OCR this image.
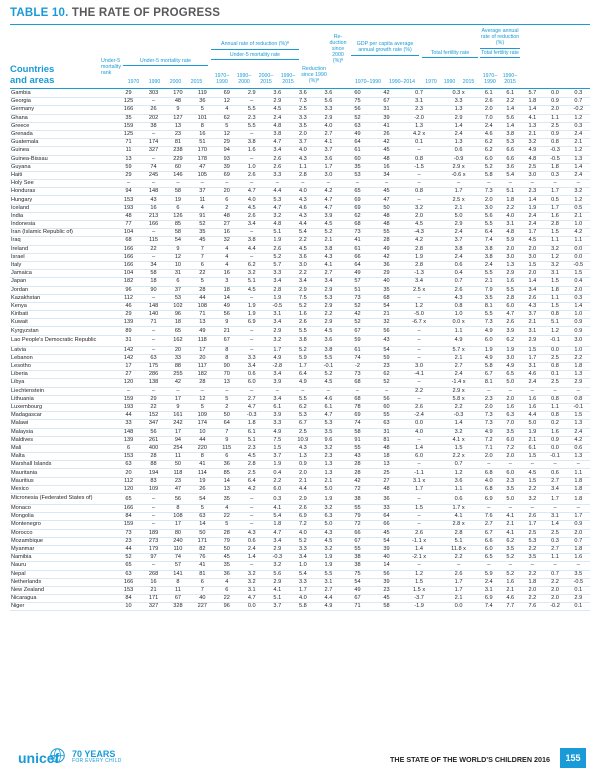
TABLE 10. THE RATE OF PROGRESS
Countries
and areas
Under-5 mortality rank
Under-5 mortality rate
1970	1990	2000	2015
Annual rate of reduction (%)ᶿ
Under-5 mortality rate
1970–1990
1990–2000
2000–2015
1990–2015
Reduction since 1990 (%)ᶿ
Re-duction since 2000 (%)ᶿ
GDP per capita average annual growth rate (%)
1970–1990	1990–2014
Total fertility rate
1970	1990	2015
Average annual rate of reduction (%)
Total fertility rate
1970–1990
1990–2015
Gambia	29	303	170	119	69	2.9	3.6	3.6	3.6	60	42	0.7	0.3 x	6.1	6.1	5.7	0.0	0.3
Georgia	125	–	48	36	12	–	2.9	7.3	5.6	75	67	3.1	3.3	2.6	2.2	1.8	0.9	0.7
Germany	166	26	9	5	4	5.5	4.5	2.5	3.3	56	31	2.3	1.3	2.0	1.4	1.4	2.0	-0.2
Ghana	35	202	127	101	62	2.3	2.4	3.3	2.9	52	39	-2.0	2.9	7.0	5.6	4.1	1.1	1.2
Greece	159	38	13	8	5	5.5	4.8	3.5	4.0	63	41	1.3	1.4	2.4	1.4	1.3	2.5	0.3
Grenada	125	–	23	16	12	–	3.8	2.0	2.7	49	26	4.2 x	2.4	4.6	3.8	2.1	0.9	2.4
Guatemala	71	174	81	51	29	3.8	4.7	3.7	4.1	64	42	0.1	1.3	6.2	5.3	3.2	0.8	2.1
Guinea	11	327	238	170	94	1.6	3.4	4.0	3.7	61	45	–	0.6	6.2	6.6	4.9	-0.3	1.2
Guinea-Bissau	13	–	229	178	93	–	2.6	4.3	3.6	60	48	0.8	-0.9	6.0	6.6	4.8	-0.5	1.3
Guyana	59	74	60	47	39	1.0	2.6	1.1	1.7	35	16	-1.5	2.9 x	5.2	3.6	2.5	1.8	1.4
Haiti	29	245	146	105	69	2.6	3.3	2.8	3.0	53	34	–	-0.6 x	5.8	5.4	3.0	0.3	2.4
Holy See	–	–	–	–	–	–	–	–	–	–	–	–	–	–	–	–	–	–
Honduras	94	148	58	37	20	4.7	4.4	4.0	4.2	65	45	0.8	1.7	7.3	5.1	2.3	1.7	3.2
Hungary	153	43	19	11	6	4.0	5.3	4.3	4.7	69	47	–	2.5 x	2.0	1.8	1.4	0.5	1.2
Iceland	193	16	6	4	2	4.5	4.7	4.6	4.7	69	50	3.2	2.1	3.0	2.2	1.9	1.7	0.5
India	48	213	126	91	48	2.6	3.2	4.3	3.9	62	48	2.0	5.0	5.6	4.0	2.4	1.6	2.1
Indonesia	77	166	85	52	27	3.4	4.8	4.4	4.5	68	48	4.5	2.9	5.5	3.1	2.4	2.8	1.0
Iran (Islamic Republic of)	104	–	58	35	16	–	5.1	5.4	5.2	73	55	-4.3	2.4	6.4	4.8	1.7	1.5	4.2
Iraq	68	115	54	45	32	3.8	1.9	2.2	2.1	41	28	4.2	3.7	7.4	5.9	4.5	1.1	1.1
Ireland	166	22	9	7	4	4.4	2.6	4.5	3.8	61	49	2.8	3.8	3.8	2.0	2.0	3.2	0.0
Israel	166	–	12	7	4	–	5.2	3.6	4.3	66	42	1.9	2.4	3.8	3.0	3.0	1.2	0.0
Italy	166	34	10	6	4	6.2	5.7	3.0	4.1	64	36	2.8	0.6	2.4	1.3	1.5	3.2	-0.5
Jamaica	104	58	31	22	16	3.2	3.3	2.2	2.7	49	29	-1.3	0.4	5.5	2.9	2.0	3.1	1.5
Japan	182	18	6	5	3	5.1	3.4	3.4	3.4	57	40	3.4	0.7	2.1	1.6	1.4	1.5	0.4
Jordan	96	90	37	28	18	4.5	2.8	2.9	2.9	51	35	2.5 x	2.6	7.9	5.5	3.4	1.8	2.0
Kazakhstan	112	–	53	44	14	–	1.9	7.5	5.3	73	68	–	4.3	3.5	2.8	2.6	1.1	0.3
Kenya	46	148	102	108	49	1.9	-0.5	5.2	2.9	52	54	1.2	0.8	8.1	6.0	4.3	1.5	1.4
Kiribati	29	140	96	71	56	1.9	3.1	1.6	2.2	42	21	-5.0	1.0	5.5	4.7	3.7	0.8	1.0
Kuwait	139	71	18	13	9	6.9	3.4	2.6	2.9	52	32	-6.7 x	0.0 x	7.3	2.6	2.1	5.1	0.9
Kyrgyzstan	89	–	65	49	21	–	2.9	5.5	4.5	67	56	–	1.1	4.9	3.9	3.1	1.2	0.9
Lao People's Democratic Republic	31	–	162	118	67	–	3.2	3.8	3.6	59	43	–	4.9	6.0	6.2	2.9	-0.1	3.0
Latvia	142	–	20	17	8	–	1.7	5.2	3.8	61	54	–	5.7 x	1.9	1.9	1.5	0.0	1.0
Lebanon	142	63	33	20	8	3.3	4.9	5.9	5.5	74	59	–	2.1	4.9	3.0	1.7	2.5	2.2
Lesotho	17	175	88	117	90	3.4	-2.8	1.7	-0.1	-2	23	3.0	2.7	5.8	4.9	3.1	0.8	1.8
Liberia	27	286	255	182	70	0.6	3.4	6.4	5.2	73	62	-4.1	2.4	6.7	6.5	4.6	0.1	1.3
Libya	120	138	42	28	13	6.0	3.9	4.9	4.5	68	52	–	-1.4 x	8.1	5.0	2.4	2.5	2.9
Liechtenstein	–	–	–	–	–	–	–	–	–	–	–	2.2	2.9 x	–	–	–	–	–
Lithuania	159	29	17	12	5	2.7	3.4	5.5	4.6	68	56	–	5.8 x	2.3	2.0	1.6	0.8	0.8
Luxembourg	193	22	9	5	2	4.7	6.1	6.2	6.1	78	60	2.6	2.2	2.0	1.6	1.6	1.1	-0.1
Madagascar	44	152	161	109	50	-0.3	3.9	5.3	4.7	69	55	-2.4	-0.3	7.3	6.3	4.4	0.8	1.5
Malawi	33	347	242	174	64	1.8	3.3	6.7	5.3	74	63	0.0	1.4	7.3	7.0	5.0	0.2	1.3
Malaysia	148	56	17	10	7	6.1	4.9	2.5	3.5	58	31	4.0	3.2	4.9	3.5	1.9	1.6	2.4
Maldives	139	261	94	44	9	5.1	7.5	10.9	9.6	91	81	–	4.1 x	7.2	6.0	2.1	0.9	4.2
Mali	6	400	254	220	115	2.3	1.5	4.3	3.2	55	48	1.4	1.5	7.1	7.2	6.1	0.0	0.6
Malta	153	28	11	8	6	4.5	3.7	1.3	2.3	43	18	6.0	2.2 x	2.0	2.0	1.5	-0.1	1.3
Marshall Islands	63	88	50	41	36	2.8	1.9	0.9	1.3	28	13	–	0.7	–	–	–	–	–
Mauritania	20	194	118	114	85	2.5	0.4	2.0	1.3	28	25	-1.1	1.2	6.8	6.0	4.5	0.6	1.1
Mauritius	112	83	23	19	14	6.4	2.2	2.1	2.1	42	27	3.1 x	3.6	4.0	2.3	1.5	2.7	1.8
Mexico	120	109	47	26	13	4.2	6.0	4.4	5.0	72	48	1.7	1.1	6.8	3.5	2.2	3.4	1.8
Micronesia (Federated States of)	65	–	56	54	35	–	0.3	2.9	1.9	38	36	–	0.6	6.9	5.0	3.2	1.7	1.8
Monaco	166	–	8	5	4	–	4.1	2.6	3.2	55	33	1.5	1.7 x	–	–	–	–	–
Mongolia	84	–	108	63	22	–	5.4	6.9	6.3	79	64	–	4.1	7.6	4.1	2.6	3.1	1.7
Montenegro	159	–	17	14	5	–	1.8	7.2	5.0	72	66	–	2.8 x	2.7	2.1	1.7	1.4	0.9
Morocco	73	189	80	50	28	4.3	4.7	4.0	4.3	66	45	2.6	2.8	6.7	4.1	2.5	2.5	2.0
Mozambique	23	273	240	171	79	0.6	3.4	5.2	4.5	67	54	-1.1 x	5.1	6.6	6.2	5.3	0.3	0.7
Myanmar	44	179	110	82	50	2.4	2.9	3.3	3.2	55	39	1.4	11.8 x	6.0	3.5	2.2	2.7	1.8
Namibia	52	97	74	76	45	1.4	-0.3	3.4	1.9	38	40	-2.1 x	2.2	6.5	5.2	3.5	1.1	1.6
Nauru	65	–	57	41	35	–	3.2	1.0	1.9	38	14	–	–	–	–	–	–	–
Nepal	63	268	141	81	36	3.2	5.6	5.4	5.5	75	56	1.2	2.6	5.9	5.2	2.2	0.7	3.5
Netherlands	166	16	8	6	4	3.2	2.9	3.3	3.1	54	39	1.5	1.7	2.4	1.6	1.8	2.2	-0.5
New Zealand	153	21	11	7	6	3.1	4.1	1.7	2.7	49	23	1.5 x	1.7	3.1	2.1	2.0	2.0	0.1
Nicaragua	84	171	67	40	22	4.7	5.1	4.0	4.4	67	45	-3.7	2.1	6.9	4.6	2.2	2.0	2.9
Niger	10	327	328	227	96	0.0	3.7	5.8	4.9	71	58	-1.9	0.0	7.4	7.7	7.6	-0.2	0.1
unicef 70 YEARS
FOR EVERY CHILD	THE STATE OF THE WORLD'S CHILDREN 2016	155
